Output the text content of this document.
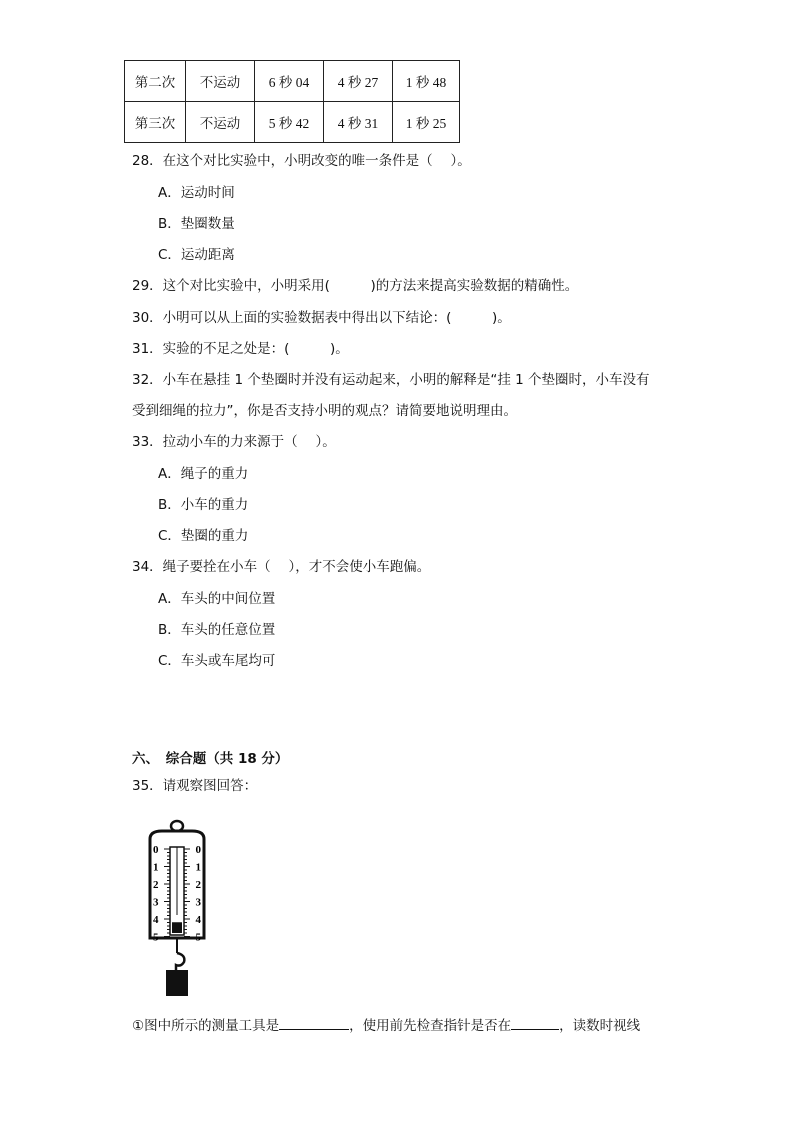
第二次	不运动	6 秒 04	4 秒 27	1 秒 48
第三次	不运动	5 秒 42	4 秒 31	1 秒 25
28．在这个对比实验中，小明改变的唯一条件是（　 ）。
A．运动时间
B．垫圈数量
C．运动距离
29．这个对比实验中，小明采用(　　　)的方法来提高实验数据的精确性。
30．小明可以从上面的实验数据表中得出以下结论：(　　　)。
31．实验的不足之处是：(　　　)。
32．小车在悬挂 1 个垫圈时并没有运动起来，小明的解释是“挂 1 个垫圈时，小车没有
受到细绳的拉力”，你是否支持小明的观点？请简要地说明理由。
33．拉动小车的力来源于（　 ）。
A．绳子的重力
B．小车的重力
C．垫圈的重力
34．绳子要拴在小车（　 ），才不会使小车跑偏。
A．车头的中间位置
B．车头的任意位置
C．车头或车尾均可
六、　综合题（共 18 分）
35．请观察图回答：
0	0
1	1
2	2
3	3
4	4
5	5
①图中所示的测量工具是	，使用前先检查指针是否在	，读数时视线
